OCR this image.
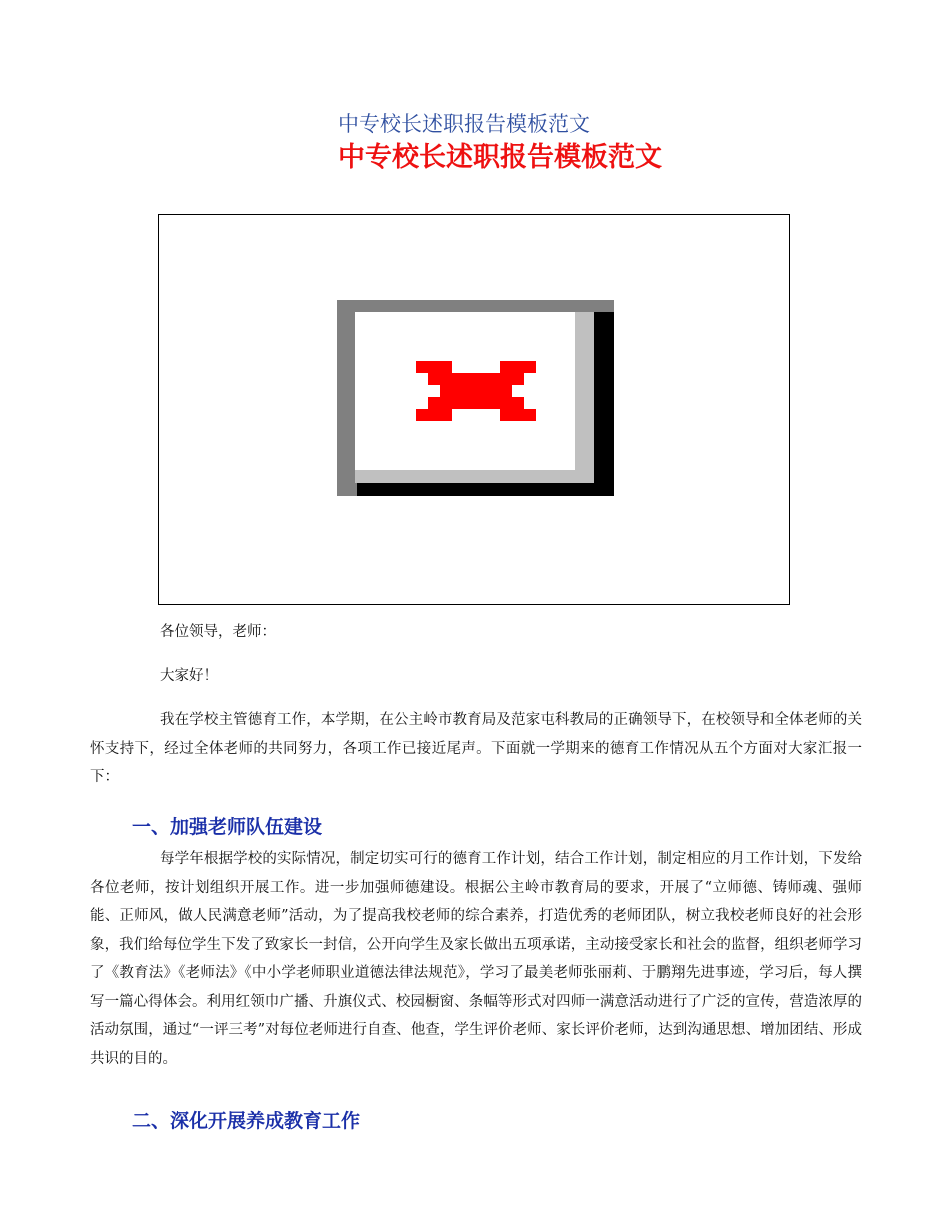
中专校长述职报告模板范文
中专校长述职报告模板范文

各位领导，老师：

大家好！

我在学校主管德育工作，本学期，在公主岭市教育局及范家屯科教局的正确领导下，在校领导和全体老师的关怀支持下，经过全体老师的共同努力，各项工作已接近尾声。下面就一学期来的德育工作情况从五个方面对大家汇报一下：

一、加强老师队伍建设

每学年根据学校的实际情况，制定切实可行的德育工作计划，结合工作计划，制定相应的月工作计划，下发给各位老师，按计划组织开展工作。进一步加强师德建设。根据公主岭市教育局的要求，开展了“立师德、铸师魂、强师能、正师风，做人民满意老师”活动，为了提高我校老师的综合素养，打造优秀的老师团队，树立我校老师良好的社会形象，我们给每位学生下发了致家长一封信，公开向学生及家长做出五项承诺，主动接受家长和社会的监督，组织老师学习了《教育法》《老师法》《中小学老师职业道德法律法规范》，学习了最美老师张丽莉、于鹏翔先进事迹，学习后，每人撰写一篇心得体会。利用红领巾广播、升旗仪式、校园橱窗、条幅等形式对四师一满意活动进行了广泛的宣传，营造浓厚的活动氛围，通过“一评三考”对每位老师进行自查、他查，学生评价老师、家长评价老师，达到沟通思想、增加团结、形成共识的目的。

二、深化开展养成教育工作
